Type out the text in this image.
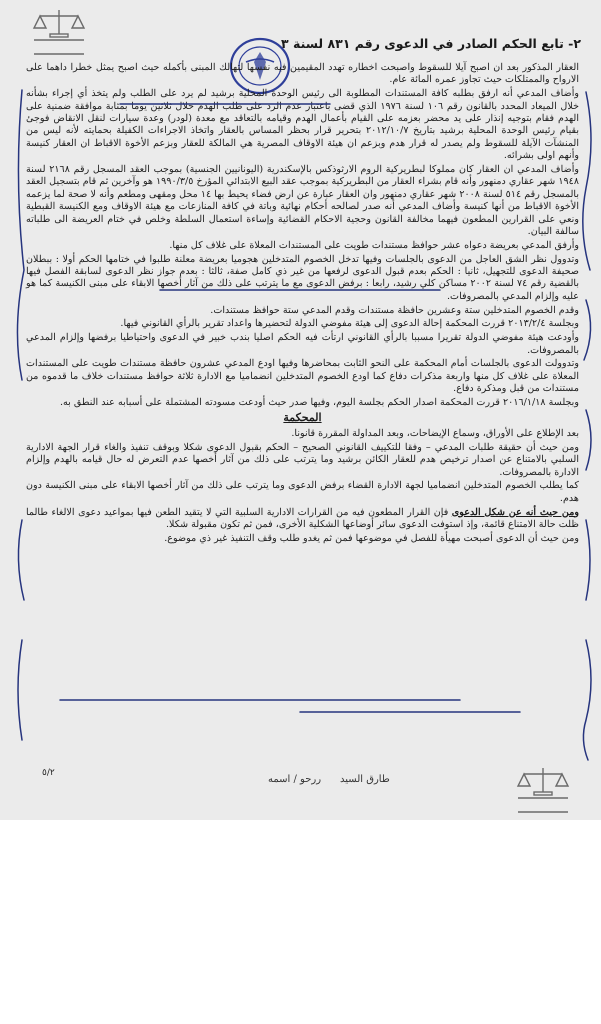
٢- تابع الحكم الصادر في الدعوى رقم ٨٣١ لسنة ٣

العقار المذكور بعد ان اصبح آيلا للسقوط واصبحت اخطاره تهدد المقيمين فيه نفسها لتهالك المبنى بأكمله حيث اصبح يمثل خطرا داهما على الارواح والممتلكات حيث تجاوز عمره المائة عام.

وأضاف المدعي أنه ارفق بطلبه كافة المستندات المطلوبة الى رئيس الوحدة المحلية برشيد لم يرد على الطلب ولم يتخذ أي إجراء بشأنه خلال الميعاد المحدد بالقانون رقم ١٠٦ لسنة ١٩٧٦ الذي قضى باعتبار عدم الرد على طلب الهدم خلال ثلاثين يوما بمثابة موافقة ضمنية على الهدم فقام بتوجيه إنذار على يد محضر بعزمه على القيام بأعمال الهدم وقيامه بالتعاقد مع معدة (لودر) وعدة سيارات لنقل الانقاض فوجئ بقيام رئيس الوحدة المحلية برشيد بتاريخ ٢٠١٢/١٠/٧ بتحرير قرار بحظر المساس بالعقار واتخاذ الاجراءات الكفيلة بحمايته لأنه ليس من المنشآت الآيلة للسقوط ولم يصدر له قرار هدم وبزعم ان هيئة الاوقاف المصرية هي المالكة للعقار وبزعم الأخوة الاقباط ان العقار كنيسة وأنهم اولى بشرائه.

وأضاف المدعي ان العقار كان مملوكا لبطريركية الروم الارثوذكس بالإسكندرية (اليونانيين الجنسية) بموجب العقد المسجل رقم ٢١٦٨ لسنة ١٩٤٨ شهر عقاري دمنهور وأنه قام بشراء العقار من البطريركية بموجب عقد البيع الابتدائي المؤرخ ١٩٩٠/٣/٥ هو وآخرين ثم قام بتسجيل العقد بالمسجل رقم ٥١٤ لسنة ٢٠٠٨ شهر عقاري دمنهور وان العقار عبارة عن ارض فضاء يحيط بها ١٤ محل ومقهى ومطعم وأنه لا صحة لما يزعمه الأخوة الاقباط من أنها كنيسة وأضاف المدعي أنه صدر لصالحه أحكام نهائية وباتة في كافة المنازعات مع هيئة الاوقاف ومع الكنيسة القبطية ونعي على القرارين المطعون فيهما مخالفة القانون وحجية الاحكام القضائية وإساءة استعمال السلطة وخلص في ختام العريضة الى طلباته سالفة البيان.

وأرفق المدعي بعريضة دعواه عشر حوافظ مستندات طويت على المستندات المعلاة على غلاف كل منها.

وتدوول نظر الشق العاجل من الدعوى بالجلسات وفيها تدخل الخصوم المتدخلين هجوميا بعريضة معلنة طلبوا في ختامها الحكم أولا : ببطلان صحيفة الدعوى للتجهيل، ثانيا : الحكم بعدم قبول الدعوى لرفعها من غير ذي كامل صفة، ثالثا : بعدم جواز نظر الدعوى لسابقة الفصل فيها بالقضية رقم ٧٤ لسنة ٢٠٠٢ مساكن كلي رشيد، رابعا : برفض الدعوى مع ما يترتب على ذلك من آثار أخصها الابقاء على مبنى الكنيسة كما هو عليه وإلزام المدعي بالمصروفات.

وقدم الخصوم المتدخلين ستة وعشرين حافظة مستندات وقدم المدعي ستة حوافظ مستندات.

وبجلسة ٢٠١٣/٢/٤ قررت المحكمة إحالة الدعوى إلى هيئة مفوضي الدولة لتحضيرها واعداد تقرير بالرأي القانوني فيها.

وأودعت هيئة مفوضي الدولة تقريرا مسببا بالرأي القانوني ارتأت فيه الحكم اصليا بندب خبير في الدعوى واحتياطيا برفضها وإلزام المدعي بالمصروفات.

وتدوولت الدعوى بالجلسات أمام المحكمة على النحو الثابت بمحاضرها وفيها اودع المدعي عشرون حافظة مستندات طويت على المستندات المعلاة على غلاف كل منها واربعة مذكرات دفاع كما اودع الخصوم المتدخلين انضماميا مع الادارة ثلاثة حوافظ مستندات خلاف ما قدموه من مستندات من قبل ومذكرة دفاع.

وبجلسة ٢٠١٦/١/١٨ قررت المحكمة اصدار الحكم بجلسة اليوم، وفيها صدر حيث أودعت مسودته المشتملة على أسبابه عند النطق به.

المحكمة

بعد الإطلاع على الأوراق، وسماع الإيضاحات، وبعد المداولة المقررة قانونا.

ومن حيث أن حقيقة طلبات المدعي – وفقا للتكييف القانوني الصحيح – الحكم بقبول الدعوى شكلا وبوقف تنفيذ والغاء قرار الجهة الادارية السلبي بالامتناع عن اصدار ترخيص هدم للعقار الكائن برشيد وما يترتب على ذلك من آثار أخصها عدم التعرض له حال قيامه بالهدم وإلزام الادارة بالمصروفات.

كما يطلب الخصوم المتدخلين انضماميا لجهة الادارة القضاء برفض الدعوى وما يترتب على ذلك من آثار أخصها الابقاء على مبنى الكنيسة دون هدم.

ومن حيث أنه عن شكل الدعوى فإن القرار المطعون فيه من القرارات الادارية السلبية التي لا يتقيد الطعن فيها بمواعيد دعوى الالغاء طالما ظلت حالة الامتناع قائمة، وإذ استوفت الدعوى سائر أوضاعها الشكلية الأخرى، فمن ثم تكون مقبولة شكلا.

ومن حيث أن الدعوى أصبحت مهيأة للفصل في موضوعها فمن ثم يغدو طلب وقف التنفيذ غير ذي موضوع.

٥/٢
ررحو / اسمه طارق السيد
